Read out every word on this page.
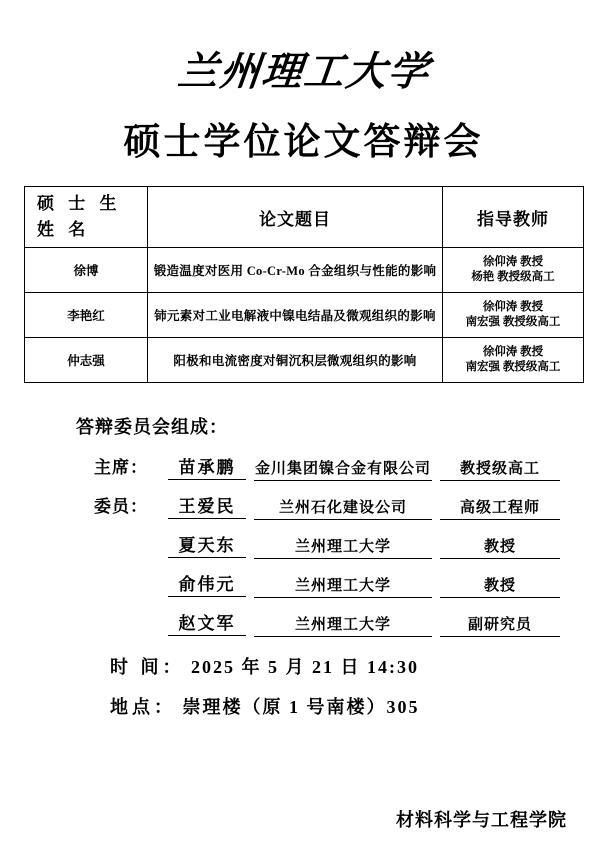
兰州理工大学
硕士学位论文答辩会
硕 士 生
姓 名	论文题目	指导教师
徐博	锻造温度对医用 Co-Cr-Mo 合金组织与性能的影响	徐仰涛 教授
杨艳 教授级高工

李艳红	铈元素对工业电解液中镍电结晶及微观组织的影响	徐仰涛 教授
南宏强 教授级高工

仲志强	阳极和电流密度对铜沉积层微观组织的影响	徐仰涛 教授
南宏强 教授级高工
答辩委员会组成：
主席：	苗承鹏	金川集团镍合金有限公司	教授级高工
委员：	王爱民	兰州石化建设公司	高级工程师
夏天东	兰州理工大学	教授
俞伟元	兰州理工大学	教授
赵文军	兰州理工大学	副研究员
时 间： 2025 年 5 月 21 日 14:30
地点： 崇理楼（原 1 号南楼）305
材料科学与工程学院
